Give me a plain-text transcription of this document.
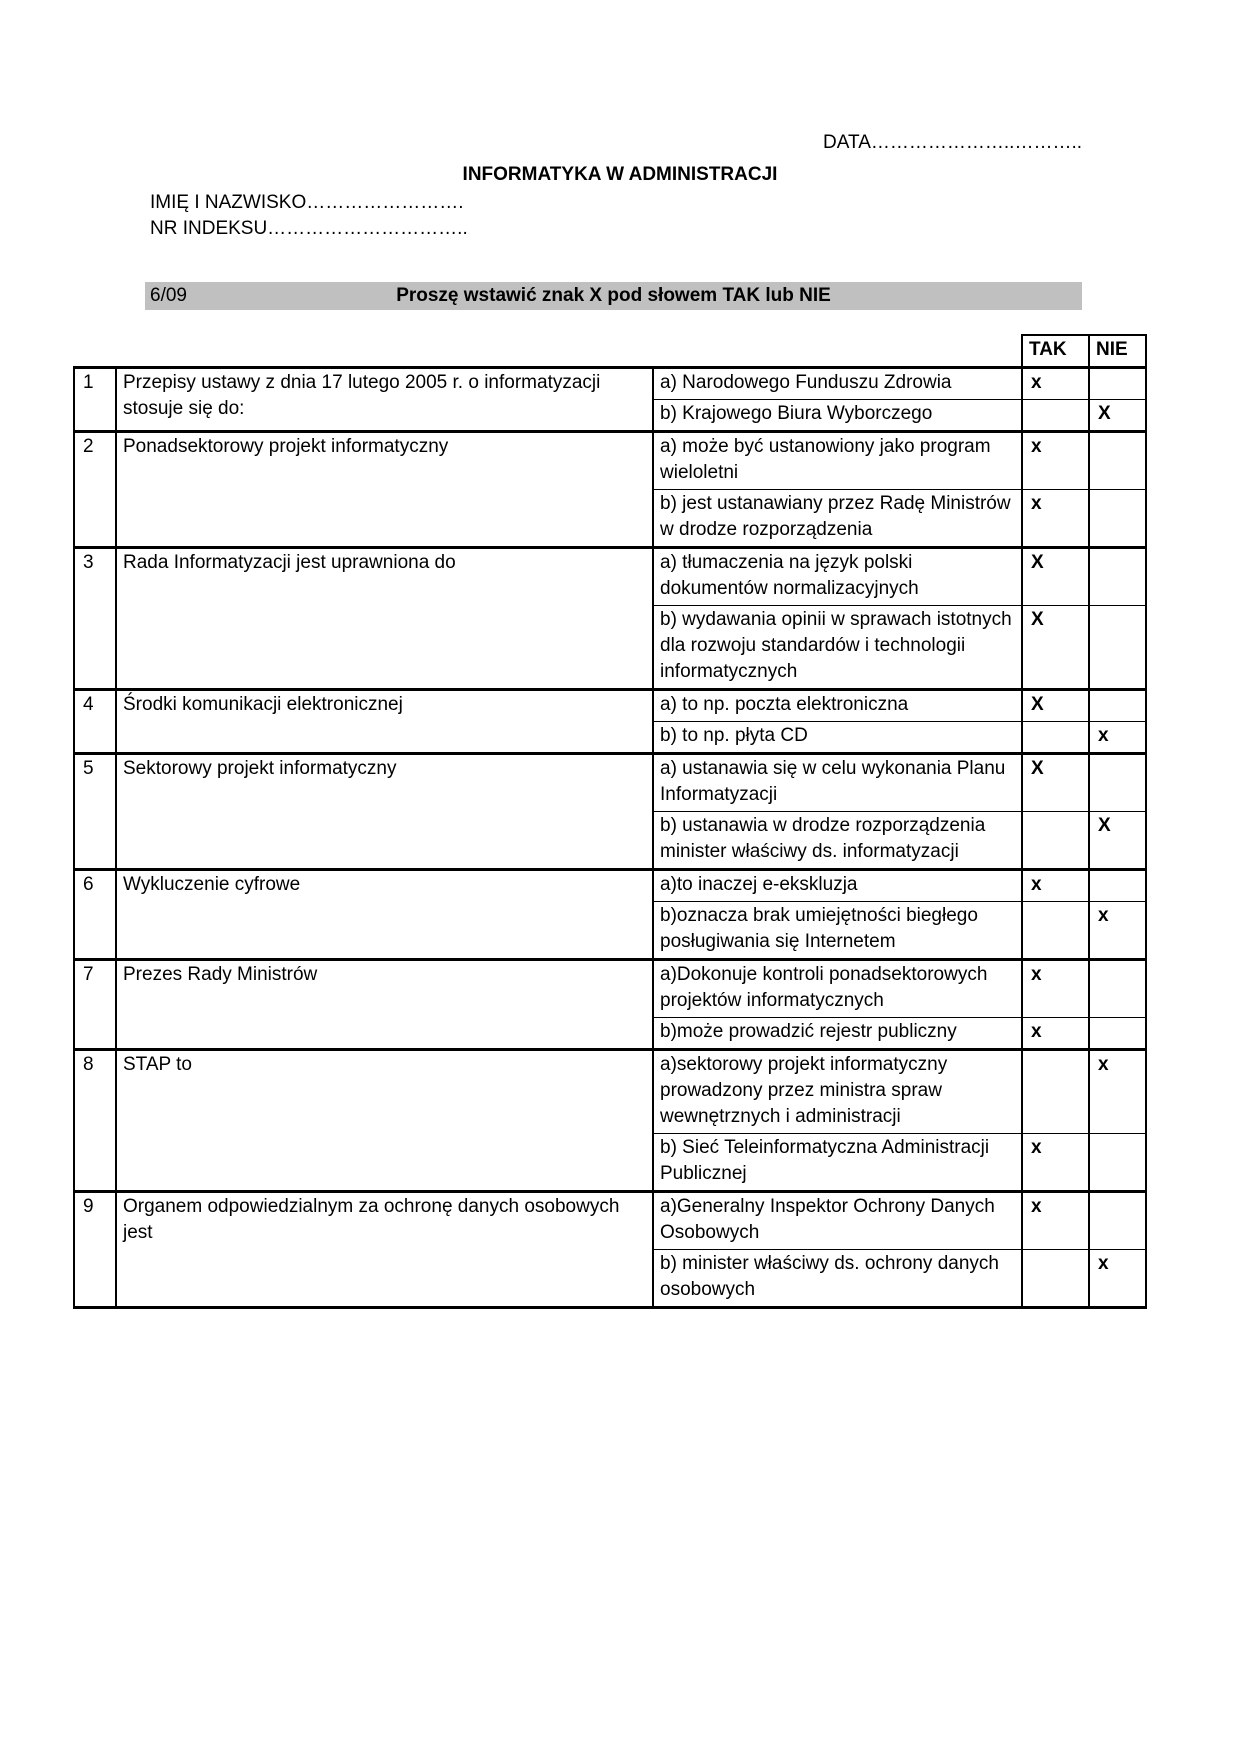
DATA…………………..………..
INFORMATYKA W ADMINISTRACJI
IMIĘ I NAZWISKO…………………….
NR INDEKSU…………………………..
6/09	Proszę wstawić znak X pod słowem TAK lub NIE
			TAK	NIE
1	Przepisy ustawy z dnia 17 lutego 2005 r. o informatyzacji stosuje się do:	a) Narodowego Funduszu Zdrowia	x	
		b) Krajowego Biura Wyborczego		X
2	Ponadsektorowy projekt informatyczny	a) może być ustanowiony jako program wieloletni	x	
		b) jest ustanawiany przez Radę Ministrów w drodze rozporządzenia	x	
3	Rada Informatyzacji jest uprawniona do	a) tłumaczenia na język polski dokumentów normalizacyjnych	X	
		b) wydawania opinii w sprawach istotnych dla rozwoju standardów i technologii informatycznych	X	
4	Środki komunikacji elektronicznej	a) to np. poczta elektroniczna	X	
		b) to np. płyta CD		x
5	Sektorowy projekt informatyczny	a) ustanawia się w celu wykonania Planu Informatyzacji	X	
		b) ustanawia w drodze rozporządzenia minister właściwy ds. informatyzacji		X
6	Wykluczenie cyfrowe	a)to inaczej e-ekskluzja	x	
		b)oznacza brak umiejętności biegłego posługiwania się Internetem		x
7	Prezes Rady Ministrów	a)Dokonuje kontroli ponadsektorowych projektów informatycznych	x	
		b)może prowadzić rejestr publiczny	x	
8	STAP to	a)sektorowy projekt informatyczny prowadzony przez ministra spraw wewnętrznych i administracji		x
		b) Sieć Teleinformatyczna Administracji Publicznej	x	
9	Organem odpowiedzialnym za ochronę danych osobowych jest	a)Generalny Inspektor Ochrony Danych Osobowych	x	
		b) minister właściwy ds. ochrony danych osobowych		x
